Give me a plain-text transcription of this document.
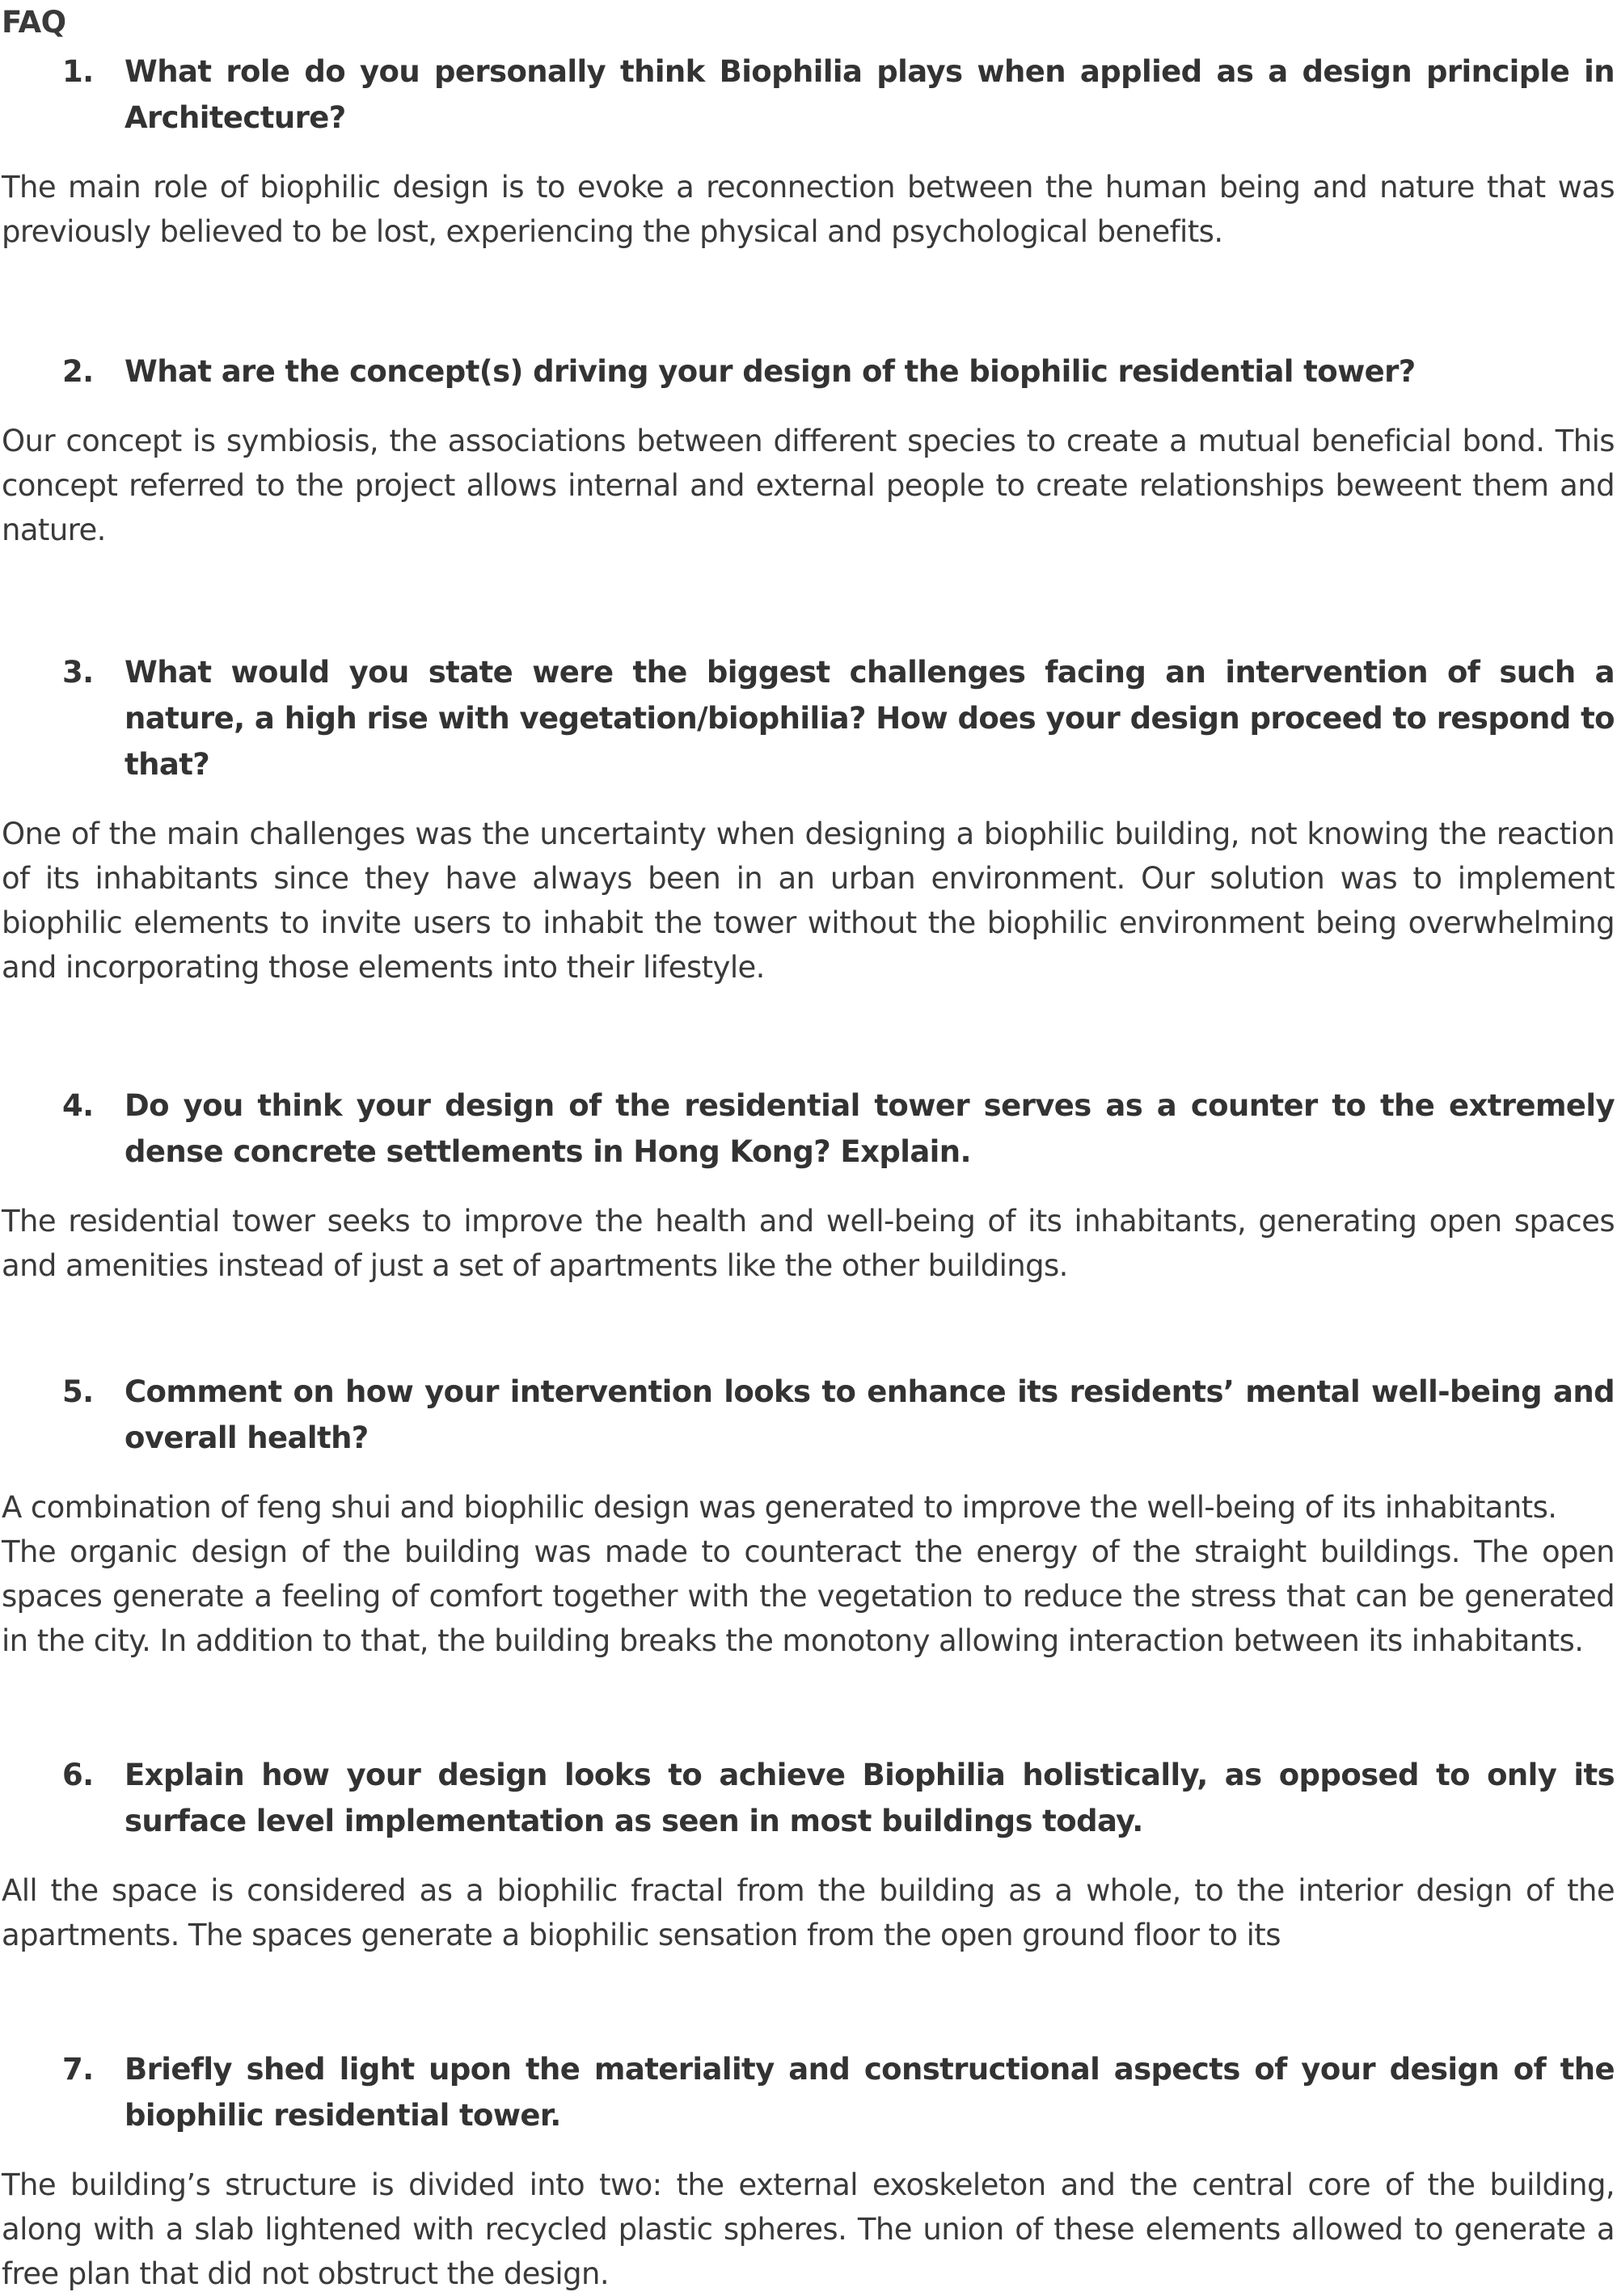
FAQ
1.	What role do you personally think Biophilia plays when applied as a design principle in Architecture?

The main role of biophilic design is to evoke a reconnection between the human being and nature that was previously believed to be lost, experiencing the physical and psychological benefits.

2.	What are the concept(s) driving your design of the biophilic residential tower?

Our concept is symbiosis, the associations between different species to create a mutual beneficial bond. This concept referred to the project allows internal and external people to create relationships beweent them and nature.

3.	What would you state were the biggest challenges facing an intervention of such a nature, a high rise with vegetation/biophilia? How does your design proceed to respond to that?

One of the main challenges was the uncertainty when designing a biophilic building, not knowing the reaction of its inhabitants since they have always been in an urban environment. Our solution was to implement biophilic elements to invite users to inhabit the tower without the biophilic environment being overwhelming and incorporating those elements into their lifestyle.

4.	Do you think your design of the residential tower serves as a counter to the extremely dense concrete settlements in Hong Kong? Explain.

The residential tower seeks to improve the health and well-being of its inhabitants, generating open spaces and amenities instead of just a set of apartments like the other buildings.

5.	Comment on how your intervention looks to enhance its residents’ mental well-being and overall health?

A combination of feng shui and biophilic design was generated to improve the well-being of its inhabitants.

The organic design of the building was made to counteract the energy of the straight buildings. The open spaces generate a feeling of comfort together with the vegetation to reduce the stress that can be generated in the city. In addition to that, the building breaks the monotony allowing interaction between its inhabitants.

6.	Explain how your design looks to achieve Biophilia holistically, as opposed to only its surface level implementation as seen in most buildings today.

All the space is considered as a biophilic fractal from the building as a whole, to the interior design of the apartments. The spaces generate a biophilic sensation from the open ground floor to its

7.	Briefly shed light upon the materiality and constructional aspects of your design of the biophilic residential tower.

The building’s structure is divided into two: the external exoskeleton and the central core of the building, along with a slab lightened with recycled plastic spheres. The union of these elements allowed to generate a free plan that did not obstruct the design.
